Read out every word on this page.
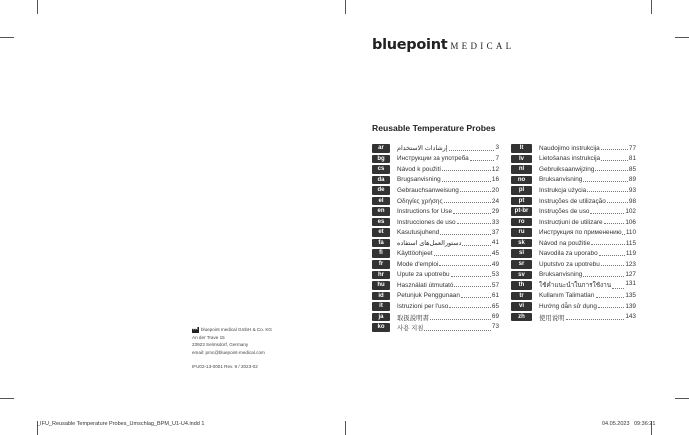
bluepoint MEDICAL
Reusable Temperature Probes
ar	إرشادات الاستخدام	3
bg	Инструкции за употреба	7
cs	Návod k použití	12
da	Brugsanvisning	16
de	Gebrauchsanweisung	20
el	Οδηγίες χρήσης	24
en	Instructions for Use	29
es	Instrucciones de uso	33
et	Kasutusjuhend	37
fa	دستورالعمل‌های استفاده	41
fi	Käyttöohjeet	45
fr	Mode d'emploi	49
hr	Upute za upotrebu	53
hu	Használati útmutató	57
id	Petunjuk Penggunaan	61
it	Istruzioni per l'uso	65
ja	取扱説明書	69
ko	사용 지침	73
lt	Naudojimo instrukcija	77
lv	Lietošanas instrukcija	81
nl	Gebruiksaanwijzing	85
no	Bruksanvisning	89
pl	Instrukcja użycia	93
pt	Instruções de utilização	98
pt-br	Instruções de uso	102
ro	Instrucțiuni de utilizare	106
ru	Инструкция по применению 110
sk	Návod na použitie	115
sl	Navodila za uporabo	119
sr	Uputstvo za upotrebu	123
sv	Bruksanvisning	127
th	ใช้คำแนะนำในการใช้งาน 131
tr	Kullanım Talimatları	135
vi	Hướng dẫn sử dụng	139
zh	使用说明	143
bluepoint medical GmbH & Co. KG
An der Trave 15
23923 Selmsdorf, Germany
email: pmc@bluepoint-medical.com
IFU02-13-0001 Rev. 9 / 2023-02
_IFU_Reusable Temperature Probes_Umschlag_BPM_U1-U4.indd 1	04.05.2023 09:36:21
